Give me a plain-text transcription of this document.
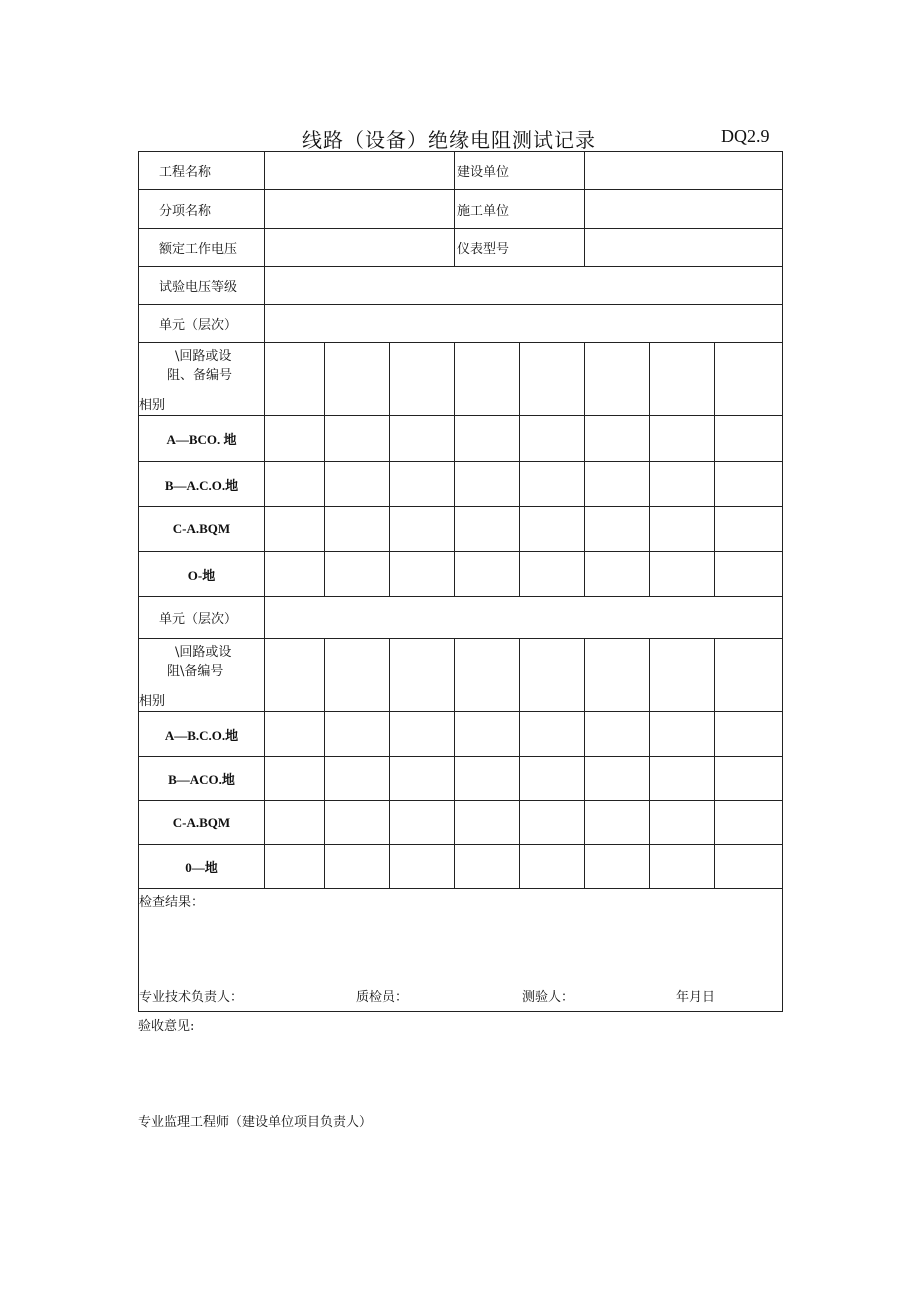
线路（设备）绝缘电阻测试记录	DQ2.9
工程名称				建设单位				
分项名称				施工单位				
额定工作电压				仪表型号				
试验电压等级								
单元（层次）								

\回路或设
阻、备编号
相别								

A—BCO. 地								
B—A.C.O.地								
C-A.BQM								
O-地								
单元（层次）								

\回路或设
阻\备编号
相别								

A—B.C.O.地								
B—ACO.地								
C-A.BQM								
0—地								

检查结果：
专业技术负责人： 质检员： 测验人： 年月日								
验收意见:
专业监理工程师（建设单位项目负责人）
